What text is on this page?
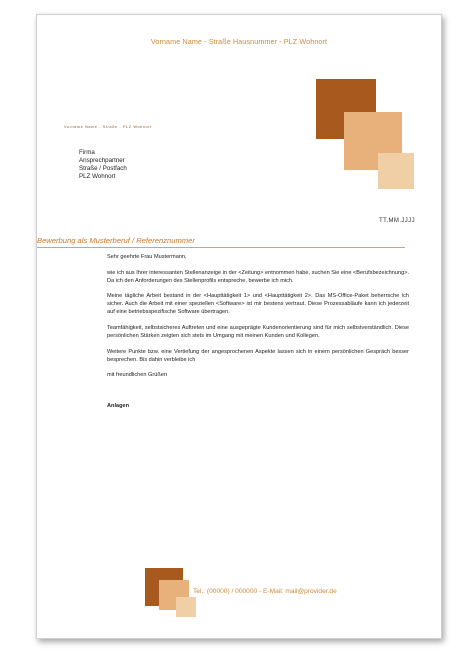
Vorname Name - Straße Hausnummer - PLZ Wohnort
Vorname Name - Straße - PLZ Wohnort
Firma
Ansprechpartner
Straße / Postfach
PLZ Wohnort
TT.MM.JJJJ
Bewerbung als Musterberuf / Referenznummer

Sehr geehrte Frau Mustermann,

wie ich aus Ihrer interessanten Stellenanzeige in der <Zeitung> entnommen habe, suchen Sie eine <Berufsbezeichnung>. Da ich den Anforderungen des Stellenprofils entspreche, bewerbe ich mich.

Meine tägliche Arbeit bestand in der <Haupttätigkeit 1> und <Haupttätigkeit 2>. Das MS-Office-Paket beherrsche ich sicher. Auch die Arbeit mit einer speziellen <Software> ist mir bestens vertraut. Diese Prozessabläufe kann ich jederzeit auf eine betriebsspezifische Software übertragen.

Teamfähigkeit, selbstsicheres Auftreten und eine ausgeprägte Kundenorientierung sind für mich selbstverständlich. Diese persönlichen Stärken zeigten sich stets im Umgang mit meinen Kunden und Kollegen.

Weitere Punkte bzw. eine Vertiefung der angesprochenen Aspekte lassen sich in einem persönlichen Gespräch besser besprechen. Bis dahin verbleibe ich

mit freundlichen Grüßen

Anlagen

Tel.: (00000) / 000000 - E-Mail: mail@provider.de
